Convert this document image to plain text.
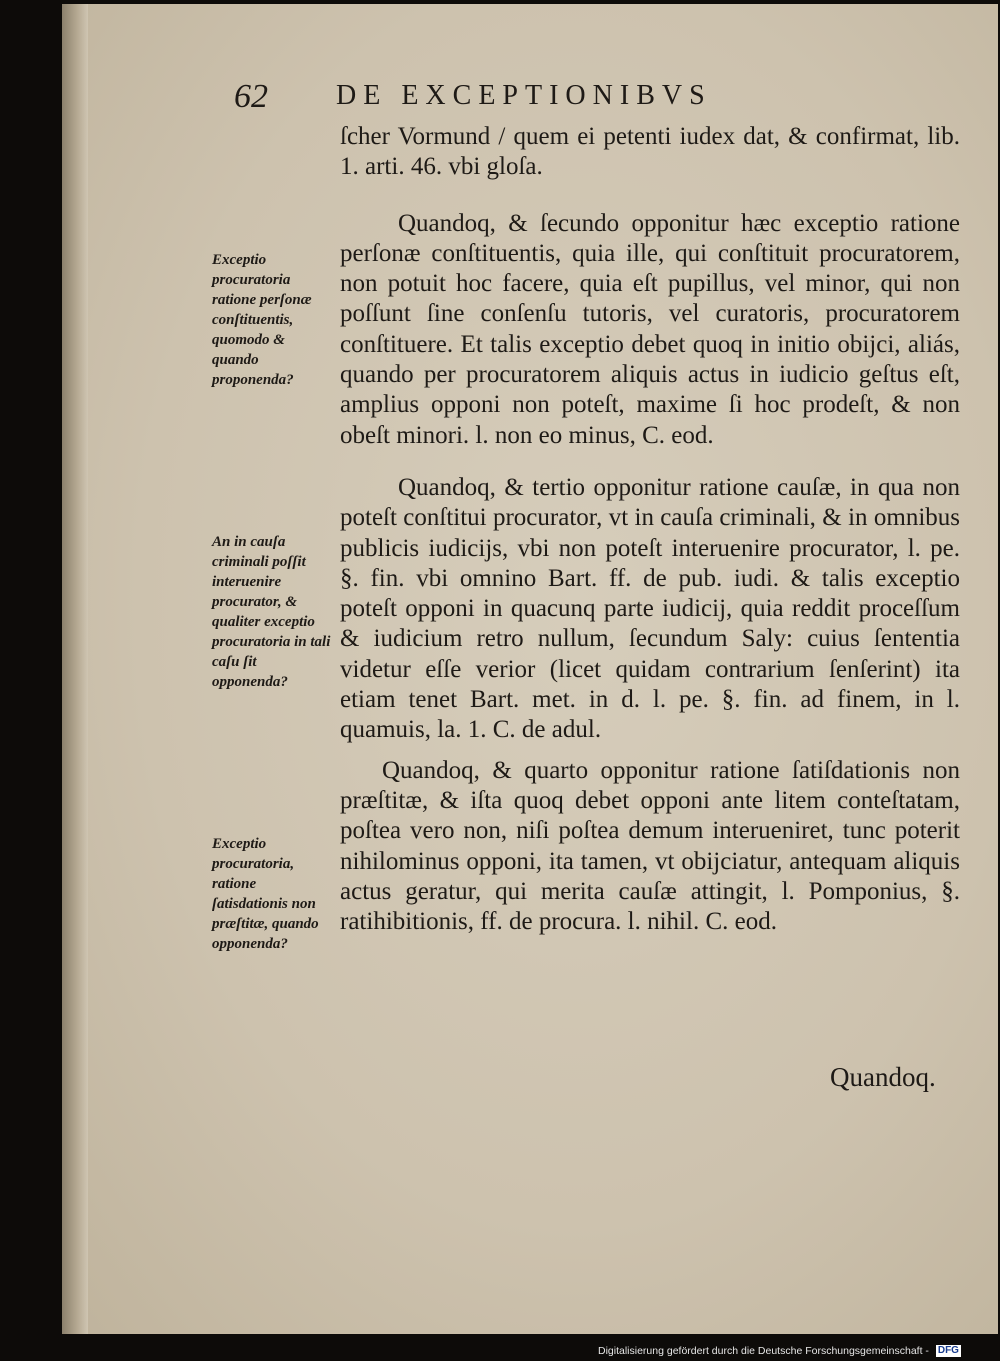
62 DE EXCEPTIONIBVS

ſcher Vormund / quem ei petenti iudex dat, & confirmat, lib. 1. arti. 46. vbi gloſa.

Quandoq, & ſecundo opponitur hæc exceptio ratione perſonæ conſtituentis, quia ille, qui conſtituit procuratorem, non potuit hoc facere, quia eſt pupillus, vel minor, qui non poſſunt ſine conſenſu tutoris, vel curatoris, procuratorem conſtituere. Et talis exceptio debet quoq in initio obijci, aliás, quando per procuratorem aliquis actus in iudicio geſtus eſt, amplius opponi non poteſt, maxime ſi hoc prodeſt, & non obeſt minori. l. non eo minus, C. eod.

Quandoq, & tertio opponitur ratione cauſæ, in qua non poteſt conſtitui procurator, vt in cauſa criminali, & in omnibus publicis iudicijs, vbi non poteſt interuenire procurator, l. pe. §. fin. vbi omnino Bart. ff. de pub. iudi. & talis exceptio poteſt opponi in quacunq parte iudicij, quia reddit proceſſum & iudicium retro nullum, ſecundum Saly: cuius ſententia videtur eſſe verior (licet quidam contrarium ſenſerint) ita etiam tenet Bart. met. in d. l. pe. §. fin. ad finem, in l. quamuis, la. 1. C. de adul.

Quandoq, & quarto opponitur ratione ſatiſdationis non præſtitæ, & iſta quoq debet opponi ante litem conteſtatam, poſtea vero non, niſi poſtea demum interueniret, tunc poterit nihilominus opponi, ita tamen, vt obijciatur, antequam aliquis actus geratur, qui merita cauſæ attingit, l. Pomponius, §. ratihibitionis, ff. de procura. l. nihil. C. eod.

Quandoq.
Exceptio procuratoria ratione perſonæ conſtituentis, quomodo & quando proponenda?
An in cauſa criminali poſſit interuenire procurator, & qualiter exceptio procuratoria in tali caſu ſit opponenda?
Exceptio procuratoria, ratione ſatisdationis non præſtitæ, quando opponenda?
Digitalisierung gefördert durch die Deutsche Forschungsgemeinschaft - DFG
